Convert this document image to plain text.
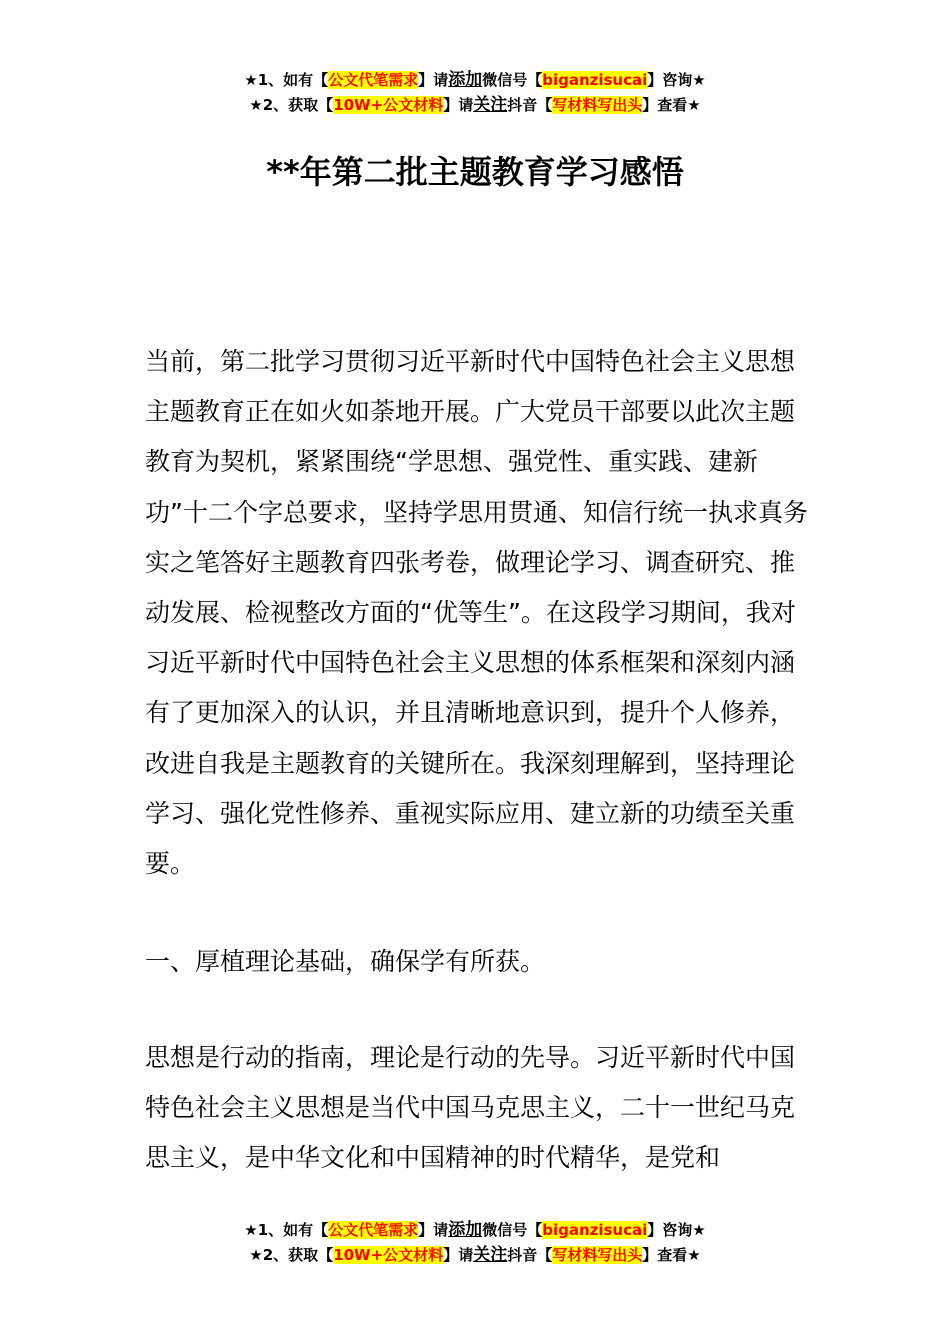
★1、如有【公文代笔需求】请添加微信号【biganzisucai】咨询★
★2、获取【10W+公文材料】请关注抖音【写材料写出头】查看★
**年第二批主题教育学习感悟

当前，第二批学习贯彻习近平新时代中国特色社会主义思想主题教育正在如火如荼地开展。广大党员干部要以此次主题教育为契机，紧紧围绕“学思想、强党性、重实践、建新功”十二个字总要求，坚持学思用贯通、知信行统一执求真务实之笔答好主题教育四张考卷，做理论学习、调查研究、推动发展、检视整改方面的“优等生”。在这段学习期间，我对习近平新时代中国特色社会主义思想的体系框架和深刻内涵有了更加深入的认识，并且清晰地意识到，提升个人修养，改进自我是主题教育的关键所在。我深刻理解到，坚持理论学习、强化党性修养、重视实际应用、建立新的功绩至关重要。

一、厚植理论基础，确保学有所获。

思想是行动的指南，理论是行动的先导。习近平新时代中国特色社会主义思想是当代中国马克思主义，二十一世纪马克思主义，是中华文化和中国精神的时代精华，是党和

★1、如有【公文代笔需求】请添加微信号【biganzisucai】咨询★
★2、获取【10W+公文材料】请关注抖音【写材料写出头】查看★
